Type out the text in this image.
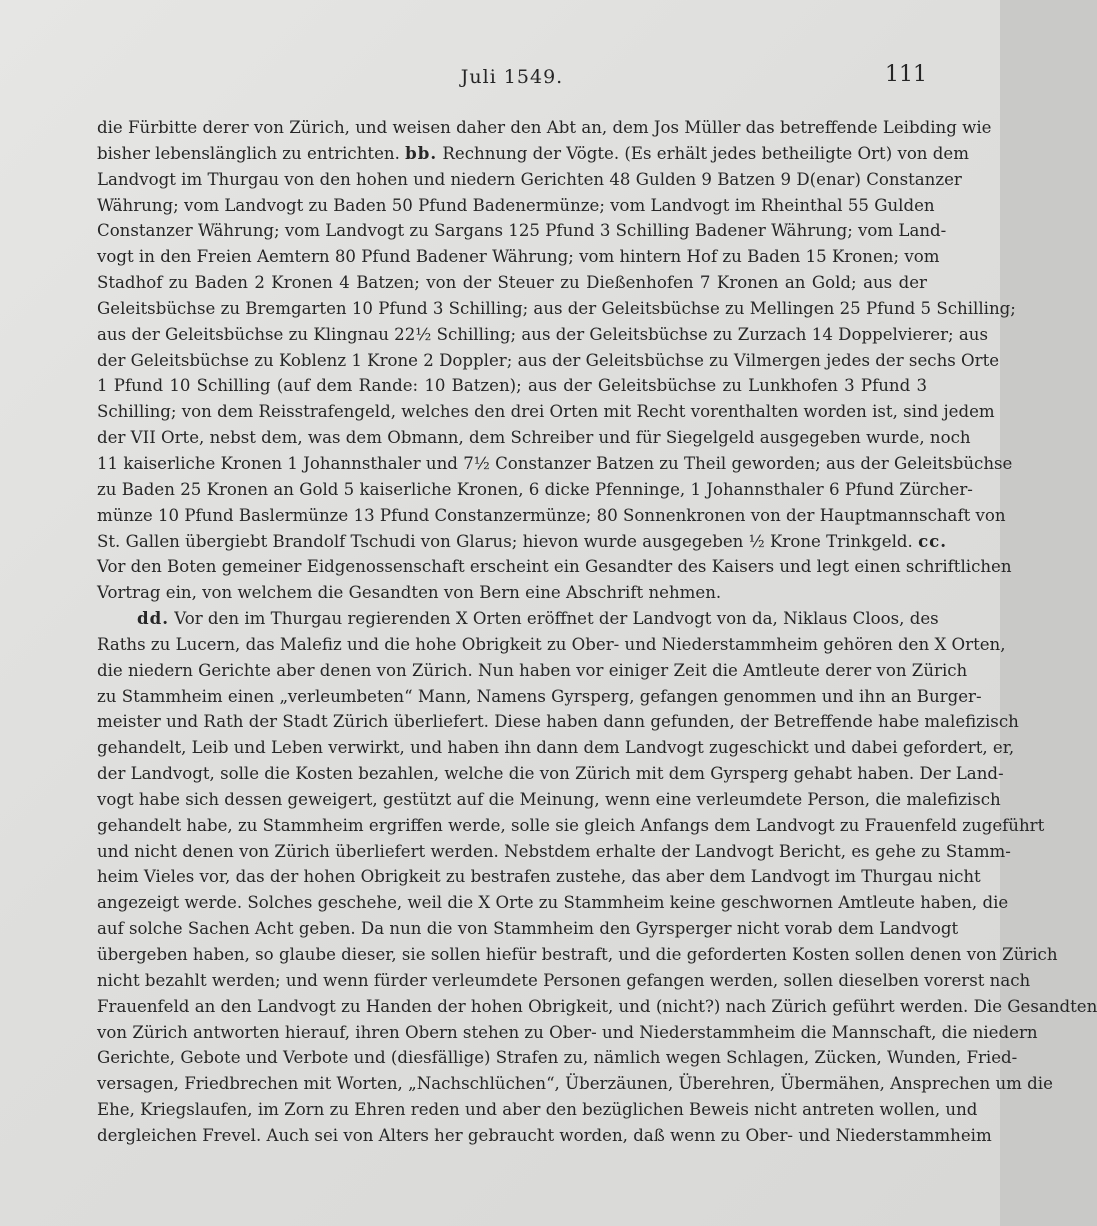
Juli 1549.	111
die Fürbitte derer von Zürich, und weisen daher den Abt an, dem Jos Müller das betreffende Leibding wie
bisher lebenslänglich zu entrichten. bb. Rechnung der Vögte. (Es erhält jedes betheiligte Ort) von dem
Landvogt im Thurgau von den hohen und niedern Gerichten 48 Gulden 9 Batzen 9 D(enar) Constanzer
Währung; vom Landvogt zu Baden 50 Pfund Badenermünze; vom Landvogt im Rheinthal 55 Gulden
Constanzer Währung; vom Landvogt zu Sargans 125 Pfund 3 Schilling Badener Währung; vom Land-
vogt in den Freien Aemtern 80 Pfund Badener Währung; vom hintern Hof zu Baden 15 Kronen; vom
Stadhof zu Baden 2 Kronen 4 Batzen; von der Steuer zu Dießenhofen 7 Kronen an Gold; aus der
Geleitsbüchse zu Bremgarten 10 Pfund 3 Schilling; aus der Geleitsbüchse zu Mellingen 25 Pfund 5 Schilling;
aus der Geleitsbüchse zu Klingnau 22½ Schilling; aus der Geleitsbüchse zu Zurzach 14 Doppelvierer; aus
der Geleitsbüchse zu Koblenz 1 Krone 2 Doppler; aus der Geleitsbüchse zu Vilmergen jedes der sechs Orte
1 Pfund 10 Schilling (auf dem Rande: 10 Batzen); aus der Geleitsbüchse zu Lunkhofen 3 Pfund 3
Schilling; von dem Reisstrafengeld, welches den drei Orten mit Recht vorenthalten worden ist, sind jedem
der VII Orte, nebst dem, was dem Obmann, dem Schreiber und für Siegelgeld ausgegeben wurde, noch
11 kaiserliche Kronen 1 Johannsthaler und 7½ Constanzer Batzen zu Theil geworden; aus der Geleitsbüchse
zu Baden 25 Kronen an Gold 5 kaiserliche Kronen, 6 dicke Pfenninge, 1 Johannsthaler 6 Pfund Zürcher-
münze 10 Pfund Baslermünze 13 Pfund Constanzermünze; 80 Sonnenkronen von der Hauptmannschaft von
St. Gallen übergiebt Brandolf Tschudi von Glarus; hievon wurde ausgegeben ½ Krone Trinkgeld. cc.
Vor den Boten gemeiner Eidgenossenschaft erscheint ein Gesandter des Kaisers und legt einen schriftlichen
Vortrag ein, von welchem die Gesandten von Bern eine Abschrift nehmen.
dd. Vor den im Thurgau regierenden X Orten eröffnet der Landvogt von da, Niklaus Cloos, des
Raths zu Lucern, das Malefiz und die hohe Obrigkeit zu Ober- und Niederstammheim gehören den X Orten,
die niedern Gerichte aber denen von Zürich. Nun haben vor einiger Zeit die Amtleute derer von Zürich
zu Stammheim einen „verleumbeten“ Mann, Namens Gyrsperg, gefangen genommen und ihn an Burger-
meister und Rath der Stadt Zürich überliefert. Diese haben dann gefunden, der Betreffende habe malefizisch
gehandelt, Leib und Leben verwirkt, und haben ihn dann dem Landvogt zugeschickt und dabei gefordert, er,
der Landvogt, solle die Kosten bezahlen, welche die von Zürich mit dem Gyrsperg gehabt haben. Der Land-
vogt habe sich dessen geweigert, gestützt auf die Meinung, wenn eine verleumdete Person, die malefizisch
gehandelt habe, zu Stammheim ergriffen werde, solle sie gleich Anfangs dem Landvogt zu Frauenfeld zugeführt
und nicht denen von Zürich überliefert werden. Nebstdem erhalte der Landvogt Bericht, es gehe zu Stamm-
heim Vieles vor, das der hohen Obrigkeit zu bestrafen zustehe, das aber dem Landvogt im Thurgau nicht
angezeigt werde. Solches geschehe, weil die X Orte zu Stammheim keine geschwornen Amtleute haben, die
auf solche Sachen Acht geben. Da nun die von Stammheim den Gyrsperger nicht vorab dem Landvogt
übergeben haben, so glaube dieser, sie sollen hiefür bestraft, und die geforderten Kosten sollen denen von Zürich
nicht bezahlt werden; und wenn fürder verleumdete Personen gefangen werden, sollen dieselben vorerst nach
Frauenfeld an den Landvogt zu Handen der hohen Obrigkeit, und (nicht?) nach Zürich geführt werden. Die Gesandten
von Zürich antworten hierauf, ihren Obern stehen zu Ober- und Niederstammheim die Mannschaft, die niedern
Gerichte, Gebote und Verbote und (diesfällige) Strafen zu, nämlich wegen Schlagen, Zücken, Wunden, Fried-
versagen, Friedbrechen mit Worten, „Nachschlüchen“, Überzäunen, Überehren, Übermähen, Ansprechen um die
Ehe, Kriegslaufen, im Zorn zu Ehren reden und aber den bezüglichen Beweis nicht antreten wollen, und
dergleichen Frevel. Auch sei von Alters her gebraucht worden, daß wenn zu Ober- und Niederstammheim
